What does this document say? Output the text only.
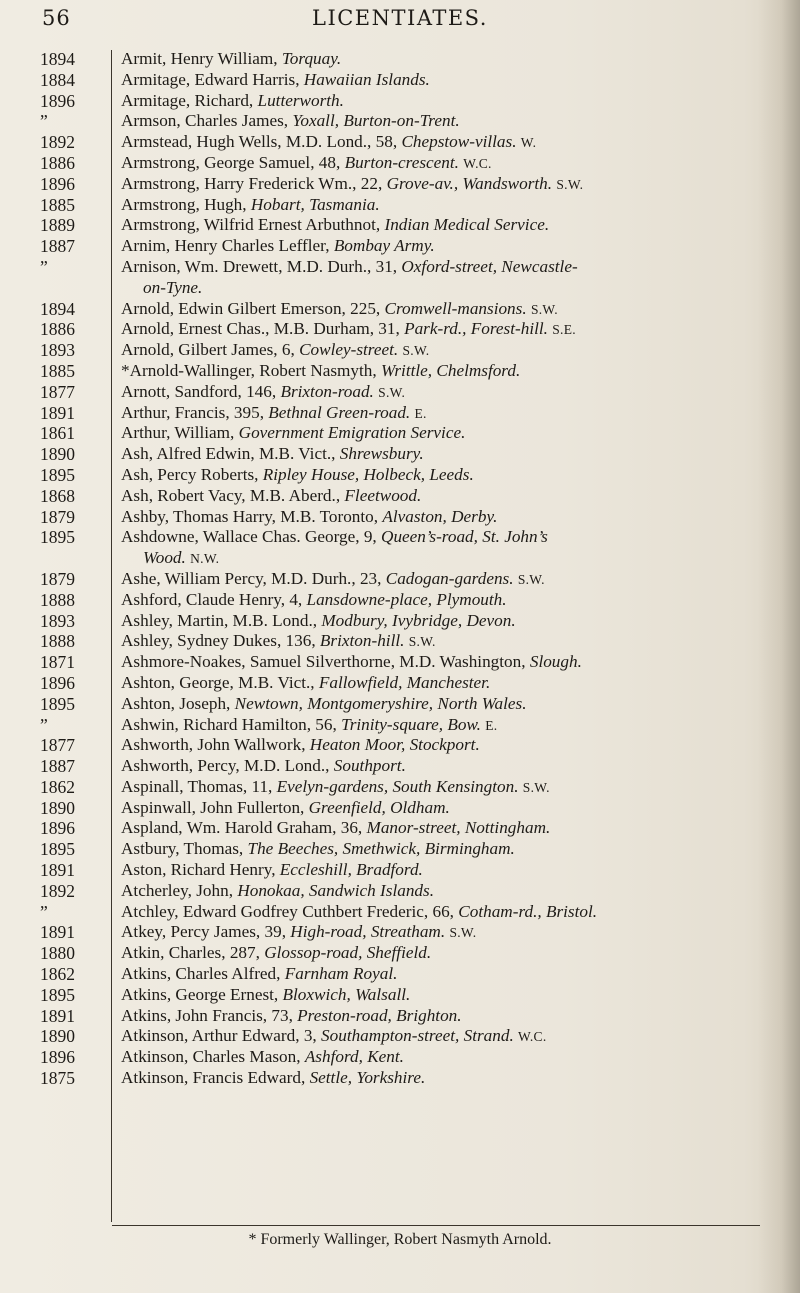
56	LICENTIATES.

1894
1884
1896
”
1892
1886
1896
1885
1889
1887
”
1894
1886
1893
1885
1877
1891
1861
1890
1895
1868
1879
1895
1879
1888
1893
1888
1871
1896
1895
”
1877
1887
1862
1890
1896
1895
1891
1892
”
1891
1880
1862
1895
1891
1890
1896
1875
Armit, Henry William, Torquay.
Armitage, Edward Harris, Hawaiian Islands.
Armitage, Richard, Lutterworth.
Armson, Charles James, Yoxall, Burton-on-Trent.
Armstead, Hugh Wells, M.D. Lond., 58, Chepstow-villas. W.
Armstrong, George Samuel, 48, Burton-crescent. W.C.
Armstrong, Harry Frederick Wm., 22, Grove-av., Wandsworth. S.W.
Armstrong, Hugh, Hobart, Tasmania.
Armstrong, Wilfrid Ernest Arbuthnot, Indian Medical Service.
Arnim, Henry Charles Leffler, Bombay Army.
Arnison, Wm. Drewett, M.D. Durh., 31, Oxford-street, Newcastle-
on-Tyne.
Arnold, Edwin Gilbert Emerson, 225, Cromwell-mansions. S.W.
Arnold, Ernest Chas., M.B. Durham, 31, Park-rd., Forest-hill. S.E.
Arnold, Gilbert James, 6, Cowley-street. S.W.
*Arnold-Wallinger, Robert Nasmyth, Writtle, Chelmsford.
Arnott, Sandford, 146, Brixton-road. S.W.
Arthur, Francis, 395, Bethnal Green-road. E.
Arthur, William, Government Emigration Service.
Ash, Alfred Edwin, M.B. Vict., Shrewsbury.
Ash, Percy Roberts, Ripley House, Holbeck, Leeds.
Ash, Robert Vacy, M.B. Aberd., Fleetwood.
Ashby, Thomas Harry, M.B. Toronto, Alvaston, Derby.
Ashdowne, Wallace Chas. George, 9, Queen’s-road, St. John’s
Wood. N.W.
Ashe, William Percy, M.D. Durh., 23, Cadogan-gardens. S.W.
Ashford, Claude Henry, 4, Lansdowne-place, Plymouth.
Ashley, Martin, M.B. Lond., Modbury, Ivybridge, Devon.
Ashley, Sydney Dukes, 136, Brixton-hill. S.W.
Ashmore-Noakes, Samuel Silverthorne, M.D. Washington, Slough.
Ashton, George, M.B. Vict., Fallowfield, Manchester.
Ashton, Joseph, Newtown, Montgomeryshire, North Wales.
Ashwin, Richard Hamilton, 56, Trinity-square, Bow. E.
Ashworth, John Wallwork, Heaton Moor, Stockport.
Ashworth, Percy, M.D. Lond., Southport.
Aspinall, Thomas, 11, Evelyn-gardens, South Kensington. S.W.
Aspinwall, John Fullerton, Greenfield, Oldham.
Aspland, Wm. Harold Graham, 36, Manor-street, Nottingham.
Astbury, Thomas, The Beeches, Smethwick, Birmingham.
Aston, Richard Henry, Eccleshill, Bradford.
Atcherley, John, Honokaa, Sandwich Islands.
Atchley, Edward Godfrey Cuthbert Frederic, 66, Cotham-rd., Bristol.
Atkey, Percy James, 39, High-road, Streatham. S.W.
Atkin, Charles, 287, Glossop-road, Sheffield.
Atkins, Charles Alfred, Farnham Royal.
Atkins, George Ernest, Bloxwich, Walsall.
Atkins, John Francis, 73, Preston-road, Brighton.
Atkinson, Arthur Edward, 3, Southampton-street, Strand. W.C.
Atkinson, Charles Mason, Ashford, Kent.
Atkinson, Francis Edward, Settle, Yorkshire.

* Formerly Wallinger, Robert Nasmyth Arnold.
